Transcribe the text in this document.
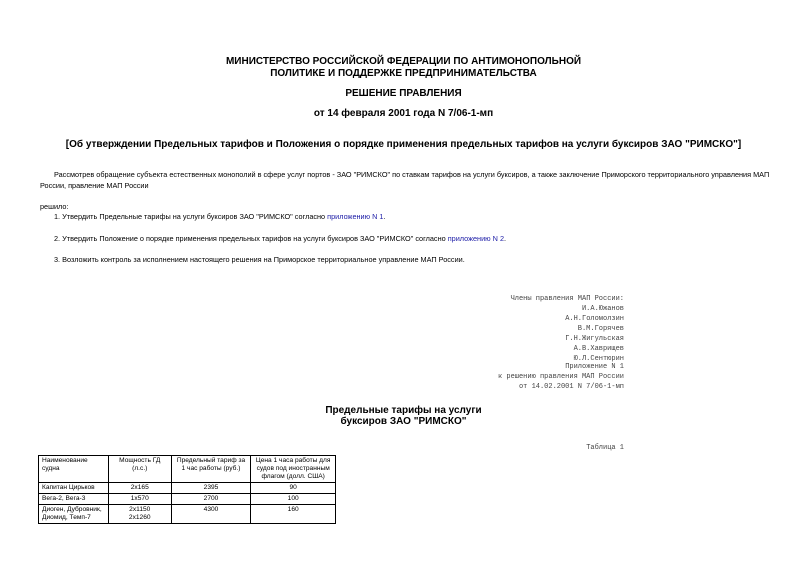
МИНИСТЕРСТВО РОССИЙСКОЙ ФЕДЕРАЦИИ ПО АНТИМОНОПОЛЬНОЙ
ПОЛИТИКЕ И ПОДДЕРЖКЕ ПРЕДПРИНИМАТЕЛЬСТВА
РЕШЕНИЕ ПРАВЛЕНИЯ
от 14 февраля 2001 года N 7/06-1-мп
[Об утверждении Предельных тарифов и Положения о порядке применения предельных тарифов на услуги буксиров ЗАО "РИМСКО"]
Рассмотрев обращение субъекта естественных монополий в сфере услуг портов - ЗАО "РИМСКО" по ставкам тарифов на услуги буксиров, а также заключение Приморского территориального управления МАП
России, правление МАП России
решило:
1. Утвердить Предельные тарифы на услуги буксиров ЗАО "РИМСКО" согласно приложению N 1.
2. Утвердить Положение о порядке применения предельных тарифов на услуги буксиров ЗАО "РИМСКО" согласно приложению N 2.
3. Возложить контроль за исполнением настоящего решения на Приморское территориальное управление МАП России.
Члены правления МАП России:
И.А.Южанов
А.Н.Голомолзин
В.М.Горячев
Г.Н.Жигульская
А.В.Хаврищев
Ю.Л.Сентюрин
Приложение N 1
к решению правления МАП России
от 14.02.2001 N 7/06-1-мп
Предельные тарифы на услуги
буксиров ЗАО "РИМСКО"
Таблица 1
Наименование судна	Мощность ГД (л.с.)	Предельный тариф за 1 час работы (руб.)	Цена 1 часа работы для судов под иностранным флагом (долл. США)
Капитан Цирьков	2х165	2395	90
Вега-2, Вега-3	1х570	2700	100
Диоген, Дубровник, Диомид, Темп-7	2х1150 2х1260	4300	160
